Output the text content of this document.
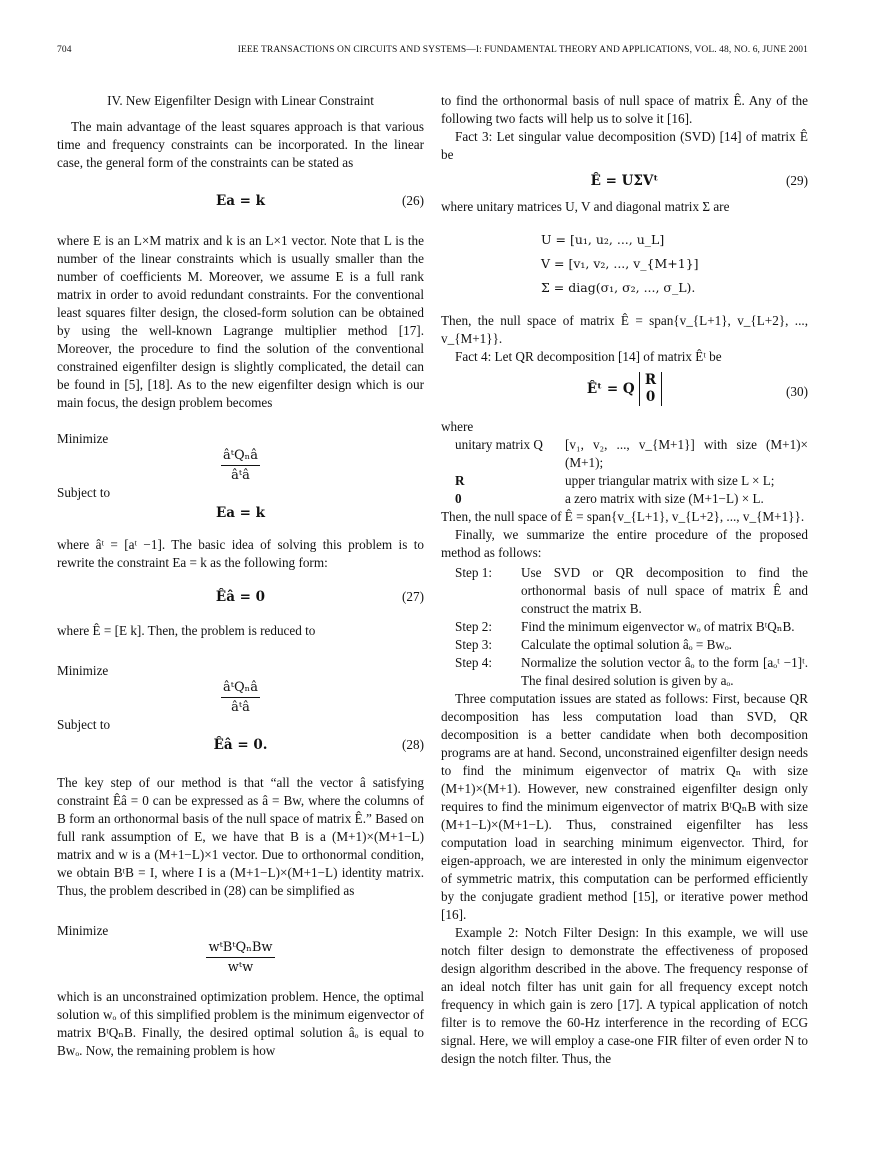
704	IEEE TRANSACTIONS ON CIRCUITS AND SYSTEMS—I: FUNDAMENTAL THEORY AND APPLICATIONS, VOL. 48, NO. 6, JUNE 2001
IV. New Eigenfilter Design with Linear Constraint

The main advantage of the least squares approach is that various time and frequency constraints can be incorporated. In the linear case, the general form of the constraints can be stated as

Ea = k	(26)

where E is an L×M matrix and k is an L×1 vector. Note that L is the number of the linear constraints which is usually smaller than the number of coefficients M. Moreover, we assume E is a full rank matrix in order to avoid redundant constraints. For the conventional least squares filter design, the closed-form solution can be obtained by using the well-known Lagrange multiplier method [17]. Moreover, the procedure to find the solution of the conventional constrained eigenfilter design is slightly complicated, the detail can be found in [5], [18]. As to the new eigenfilter design which is our main focus, the design problem becomes

Minimize
$\frac{\text{âᵗQₙâ}}{\text{âᵗâ}}$
Subject to
Ea = k

where âᵗ = [aᵗ −1]. The basic idea of solving this problem is to rewrite the constraint Ea = k as the following form:

Êâ = 0	(27)

where Ê = [E k]. Then, the problem is reduced to

Minimize
$\frac{\text{âᵗQₙâ}}{\text{âᵗâ}}$
Subject to
Êâ = 0.	(28)

The key step of our method is that “all the vector â satisfying constraint Êâ = 0 can be expressed as â = Bw, where the columns of B form an orthonormal basis of the null space of matrix Ê.” Based on full rank assumption of E, we have that B is a (M+1)×(M+1−L) matrix and w is a (M+1−L)×1 vector. Due to orthonormal condition, we obtain BᵗB = I, where I is a (M+1−L)×(M+1−L) identity matrix. Thus, the problem described in (28) can be simplified as

Minimize
$\frac{\text{wᵗBᵗQₙBw}}{\text{wᵗw}}$

which is an unconstrained optimization problem. Hence, the optimal solution wₒ of this simplified problem is the minimum eigenvector of matrix BᵗQₙB. Finally, the desired optimal solution âₒ is equal to Bwₒ. Now, the remaining problem is how

to find the orthonormal basis of null space of matrix Ê. Any of the following two facts will help us to solve it [16].

Fact 3: Let singular value decomposition (SVD) [14] of matrix Ê be

Ê = UΣVᵗ	(29)

where unitary matrices U, V and diagonal matrix Σ are

U = [u₁, u₂, ..., u_L]
V = [v₁, v₂, ..., v_{M+1}]
Σ = diag(σ₁, σ₂, ..., σ_L).

Then, the null space of matrix Ê = span{v_{L+1}, v_{L+2}, ..., v_{M+1}}.

Fact 4: Let QR decomposition [14] of matrix Êᵗ be

Êᵗ = Q
R
0	(30)

where

unitary matrix Q	[v₁, v₂, ..., v_{M+1}] with size (M+1)× (M+1);
R	upper triangular matrix with size L × L;
0	a zero matrix with size (M+1−L) × L.

Then, the null space of Ê = span{v_{L+1}, v_{L+2}, ..., v_{M+1}}.

Finally, we summarize the entire procedure of the proposed method as follows:

Step 1:	Use SVD or QR decomposition to find the orthonormal basis of null space of matrix Ê and construct the matrix B.
Step 2:	Find the minimum eigenvector wₒ of matrix BᵗQₙB.
Step 3:	Calculate the optimal solution âₒ = Bwₒ.
Step 4:	Normalize the solution vector âₒ to the form [aₒᵗ −1]ᵗ. The final desired solution is given by aₒ.

Three computation issues are stated as follows: First, because QR decomposition has less computation load than SVD, QR decomposition is a better candidate when both decomposition programs are at hand. Second, unconstrained eigenfilter design needs to find the minimum eigenvector of matrix Qₙ with size (M+1)×(M+1). However, new constrained eigenfilter design only requires to find the minimum eigenvector of matrix BᵗQₙB with size (M+1−L)×(M+1−L). Thus, constrained eigenfilter has less computation load in searching minimum eigenvector. Third, for eigen-approach, we are interested in only the minimum eigenvector of symmetric matrix, this computation can be performed efficiently by the conjugate gradient method [15], or iterative power method [16].

Example 2: Notch Filter Design: In this example, we will use notch filter design to demonstrate the effectiveness of proposed design algorithm described in the above. The frequency response of an ideal notch filter has unit gain for all frequency except notch frequency in which gain is zero [17]. A typical application of notch filter is to remove the 60-Hz interference in the recording of ECG signal. Here, we will employ a case-one FIR filter of even order N to design the notch filter. Thus, the
